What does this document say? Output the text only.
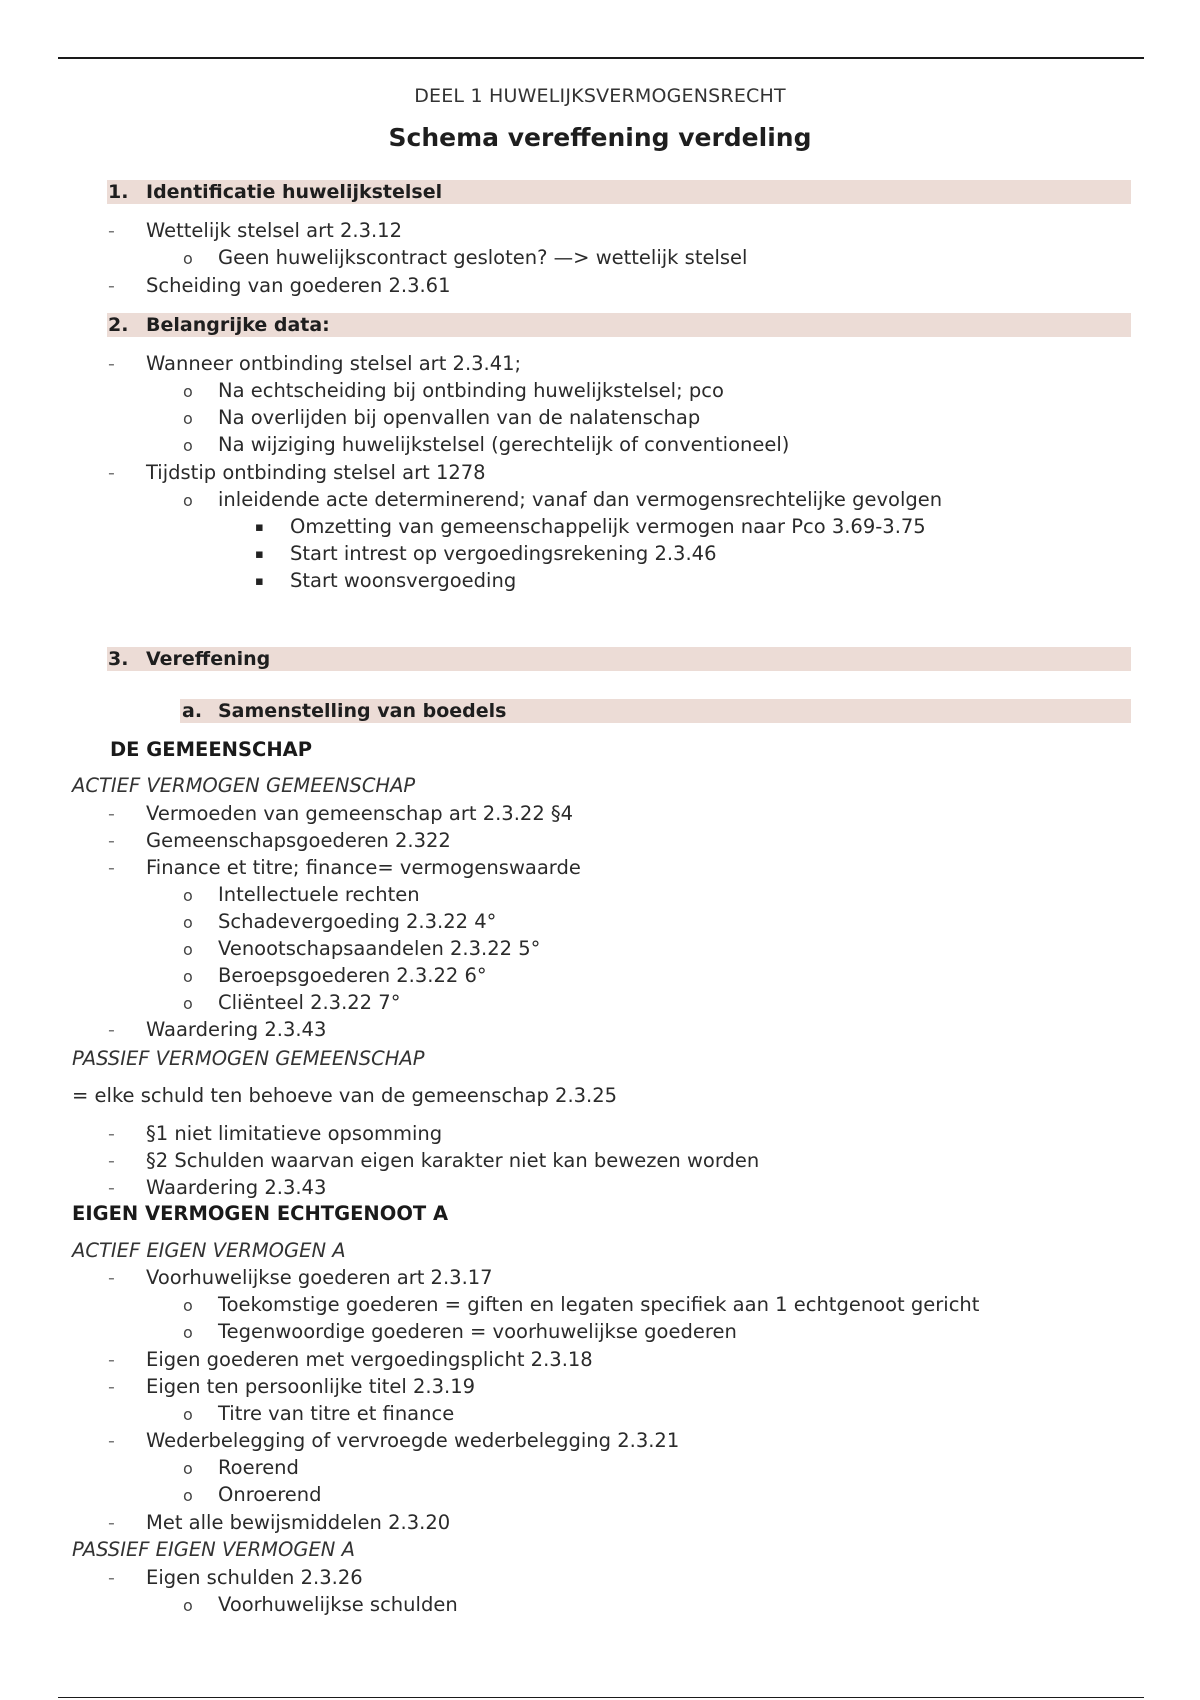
DEEL 1 HUWELIJKSVERMOGENSRECHT
Schema vereffening verdeling
1. Identificatie huwelijkstelsel
- Wettelijk stelsel art 2.3.12
o Geen huwelijkscontract gesloten? —> wettelijk stelsel
- Scheiding van goederen 2.3.61
2. Belangrijke data:
- Wanneer ontbinding stelsel art 2.3.41;
o Na echtscheiding bij ontbinding huwelijkstelsel; pco
o Na overlijden bij openvallen van de nalatenschap
o Na wijziging huwelijkstelsel (gerechtelijk of conventioneel)
- Tijdstip ontbinding stelsel art 1278
o inleidende acte determinerend; vanaf dan vermogensrechtelijke gevolgen
▪ Omzetting van gemeenschappelijk vermogen naar Pco 3.69-3.75
▪ Start intrest op vergoedingsrekening 2.3.46
▪ Start woonsvergoeding
3. Vereffening
a. Samenstelling van boedels
DE GEMEENSCHAP
ACTIEF VERMOGEN GEMEENSCHAP
- Vermoeden van gemeenschap art 2.3.22 §4
- Gemeenschapsgoederen 2.322
- Finance et titre; finance= vermogenswaarde
o Intellectuele rechten
o Schadevergoeding 2.3.22 4°
o Venootschapsaandelen 2.3.22 5°
o Beroepsgoederen 2.3.22 6°
o Cliënteel 2.3.22 7°
- Waardering 2.3.43
PASSIEF VERMOGEN GEMEENSCHAP
= elke schuld ten behoeve van de gemeenschap 2.3.25
- §1 niet limitatieve opsomming
- §2 Schulden waarvan eigen karakter niet kan bewezen worden
- Waardering 2.3.43
EIGEN VERMOGEN ECHTGENOOT A
ACTIEF EIGEN VERMOGEN A
- Voorhuwelijkse goederen art 2.3.17
o Toekomstige goederen = giften en legaten specifiek aan 1 echtgenoot gericht
o Tegenwoordige goederen = voorhuwelijkse goederen
- Eigen goederen met vergoedingsplicht 2.3.18
- Eigen ten persoonlijke titel 2.3.19
o Titre van titre et finance
- Wederbelegging of vervroegde wederbelegging 2.3.21
o Roerend
o Onroerend
- Met alle bewijsmiddelen 2.3.20
PASSIEF EIGEN VERMOGEN A
- Eigen schulden 2.3.26
o Voorhuwelijkse schulden
